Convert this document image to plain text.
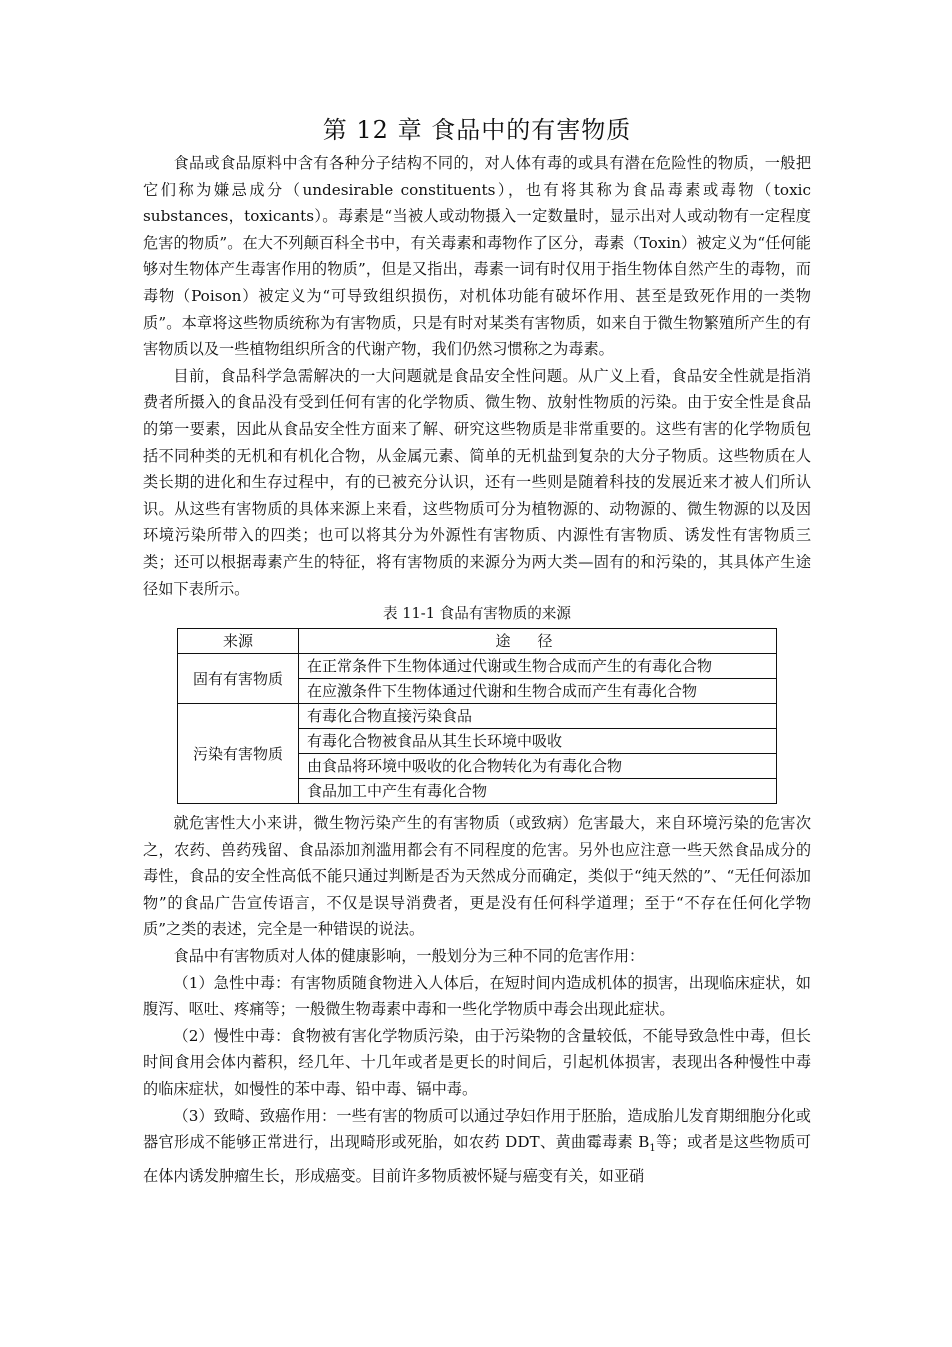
第 12 章 食品中的有害物质

食品或食品原料中含有各种分子结构不同的，对人体有毒的或具有潜在危险性的物质，一般把它们称为嫌忌成分（undesirable constituents），也有将其称为食品毒素或毒物（toxic substances，toxicants）。毒素是“当被人或动物摄入一定数量时，显示出对人或动物有一定程度危害的物质”。在大不列颠百科全书中，有关毒素和毒物作了区分，毒素（Toxin）被定义为“任何能够对生物体产生毒害作用的物质”，但是又指出，毒素一词有时仅用于指生物体自然产生的毒物，而毒物（Poison）被定义为“可导致组织损伤，对机体功能有破坏作用、甚至是致死作用的一类物质”。本章将这些物质统称为有害物质，只是有时对某类有害物质，如来自于微生物繁殖所产生的有害物质以及一些植物组织所含的代谢产物，我们仍然习惯称之为毒素。

目前，食品科学急需解决的一大问题就是食品安全性问题。从广义上看，食品安全性就是指消费者所摄入的食品没有受到任何有害的化学物质、微生物、放射性物质的污染。由于安全性是食品的第一要素，因此从食品安全性方面来了解、研究这些物质是非常重要的。这些有害的化学物质包括不同种类的无机和有机化合物，从金属元素、简单的无机盐到复杂的大分子物质。这些物质在人类长期的进化和生存过程中，有的已被充分认识，还有一些则是随着科技的发展近来才被人们所认识。从这些有害物质的具体来源上来看，这些物质可分为植物源的、动物源的、微生物源的以及因环境污染所带入的四类；也可以将其分为外源性有害物质、内源性有害物质、诱发性有害物质三类；还可以根据毒素产生的特征，将有害物质的来源分为两大类—固有的和污染的，其具体产生途径如下表所示。

表 11-1 食品有害物质的来源
来源	途径
固有有害物质	在正常条件下生物体通过代谢或生物合成而产生的有毒化合物
	在应激条件下生物体通过代谢和生物合成而产生有毒化合物
污染有害物质	有毒化合物直接污染食品
	有毒化合物被食品从其生长环境中吸收
	由食品将环境中吸收的化合物转化为有毒化合物
	食品加工中产生有毒化合物

就危害性大小来讲，微生物污染产生的有害物质（或致病）危害最大，来自环境污染的危害次之，农药、兽药残留、食品添加剂滥用都会有不同程度的危害。另外也应注意一些天然食品成分的毒性，食品的安全性高低不能只通过判断是否为天然成分而确定，类似于“纯天然的”、“无任何添加物”的食品广告宣传语言，不仅是误导消费者，更是没有任何科学道理；至于“不存在任何化学物质”之类的表述，完全是一种错误的说法。

食品中有害物质对人体的健康影响，一般划分为三种不同的危害作用：

（1）急性中毒：有害物质随食物进入人体后，在短时间内造成机体的损害，出现临床症状，如腹泻、呕吐、疼痛等；一般微生物毒素中毒和一些化学物质中毒会出现此症状。

（2）慢性中毒：食物被有害化学物质污染，由于污染物的含量较低，不能导致急性中毒，但长时间食用会体内蓄积，经几年、十几年或者是更长的时间后，引起机体损害，表现出各种慢性中毒的临床症状，如慢性的苯中毒、铅中毒、镉中毒。

（3）致畸、致癌作用：一些有害的物质可以通过孕妇作用于胚胎，造成胎儿发育期细胞分化或器官形成不能够正常进行，出现畸形或死胎，如农药 DDT、黄曲霉毒素 $B_1$等；或者是这些物质可在体内诱发肿瘤生长，形成癌变。目前许多物质被怀疑与癌变有关，如亚硝
